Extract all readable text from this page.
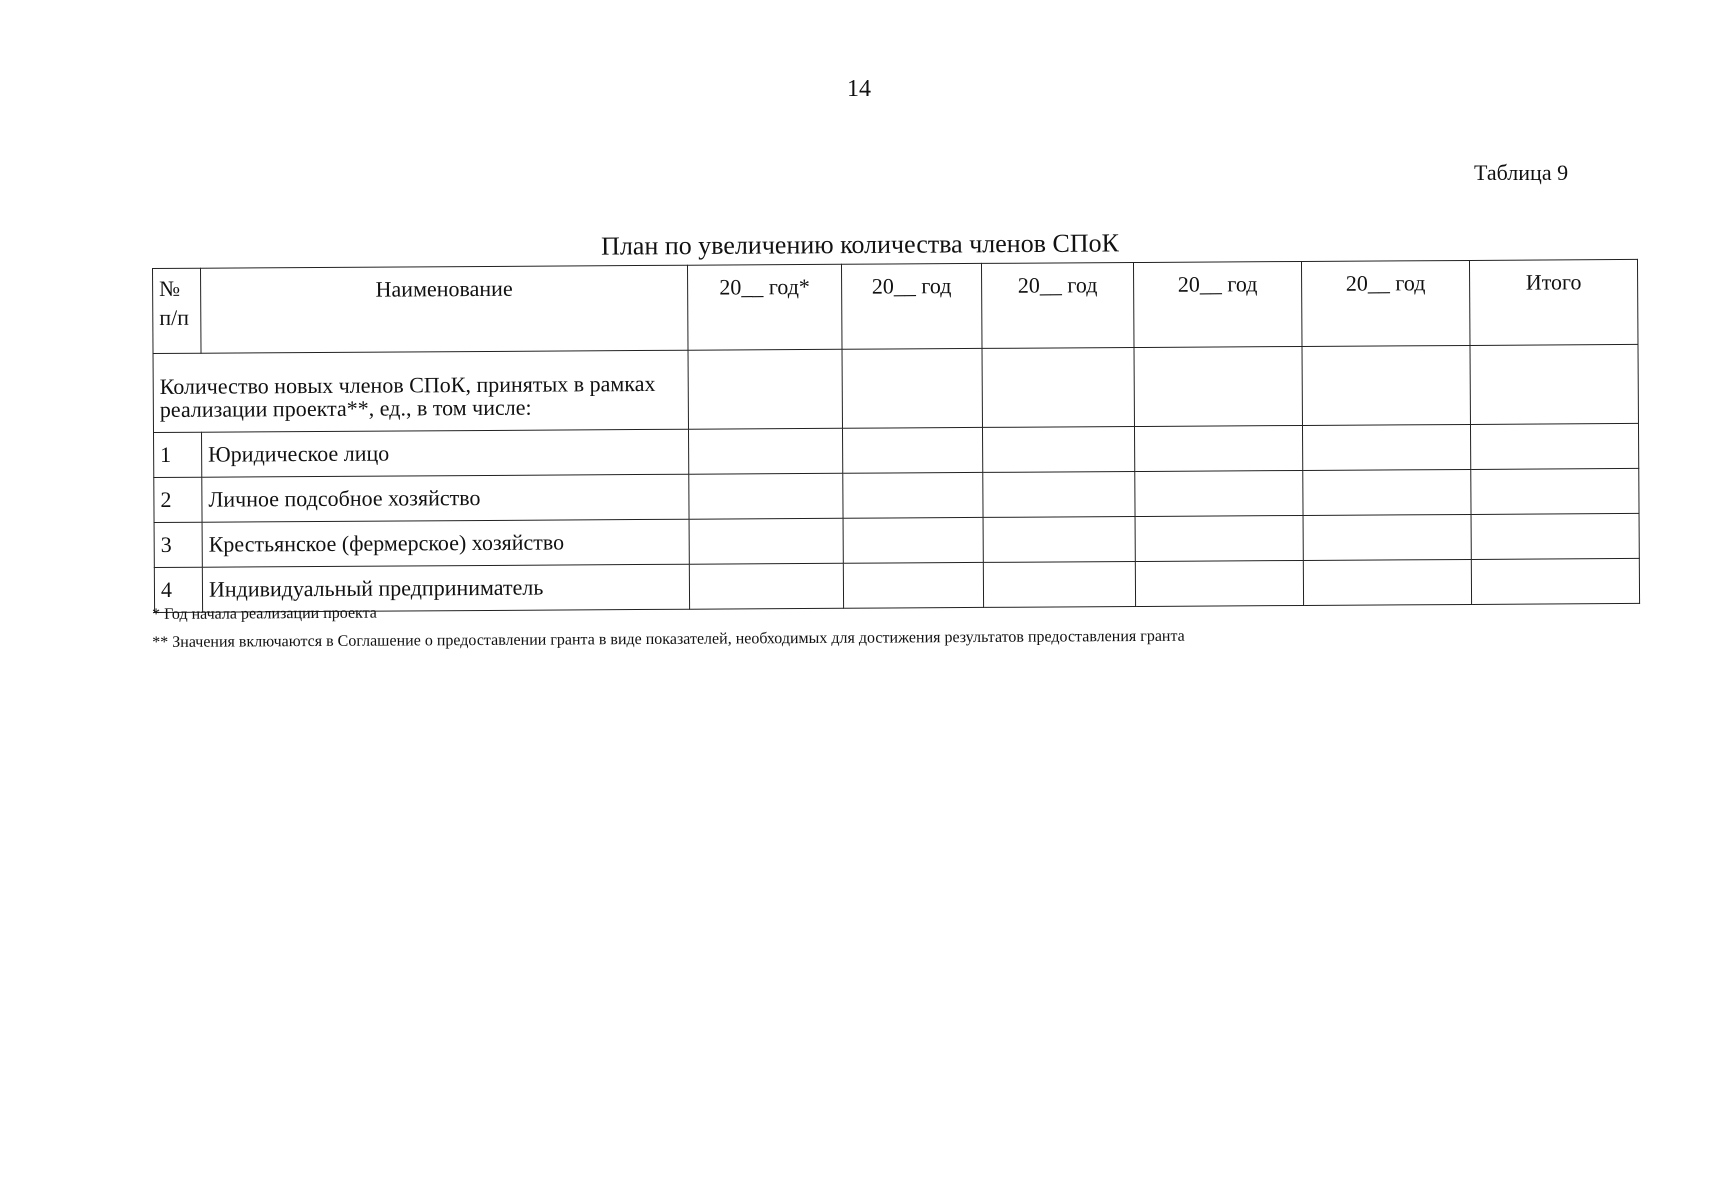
14
Таблица 9
План по увеличению количества членов СПоК
№ п/п	Наименование	20__ год*	20__ год	20__ год	20__ год	20__ год	Итого
Количество новых членов СПоК, принятых в рамках реализации проекта**, ед., в том числе:							
1	Юридическое лицо						
2	Личное подсобное хозяйство						
3	Крестьянское (фермерское) хозяйство						
4	Индивидуальный предприниматель						
* Год начала реализации проекта
** Значения включаются в Соглашение о предоставлении гранта в виде показателей, необходимых для достижения результатов предоставления гранта
